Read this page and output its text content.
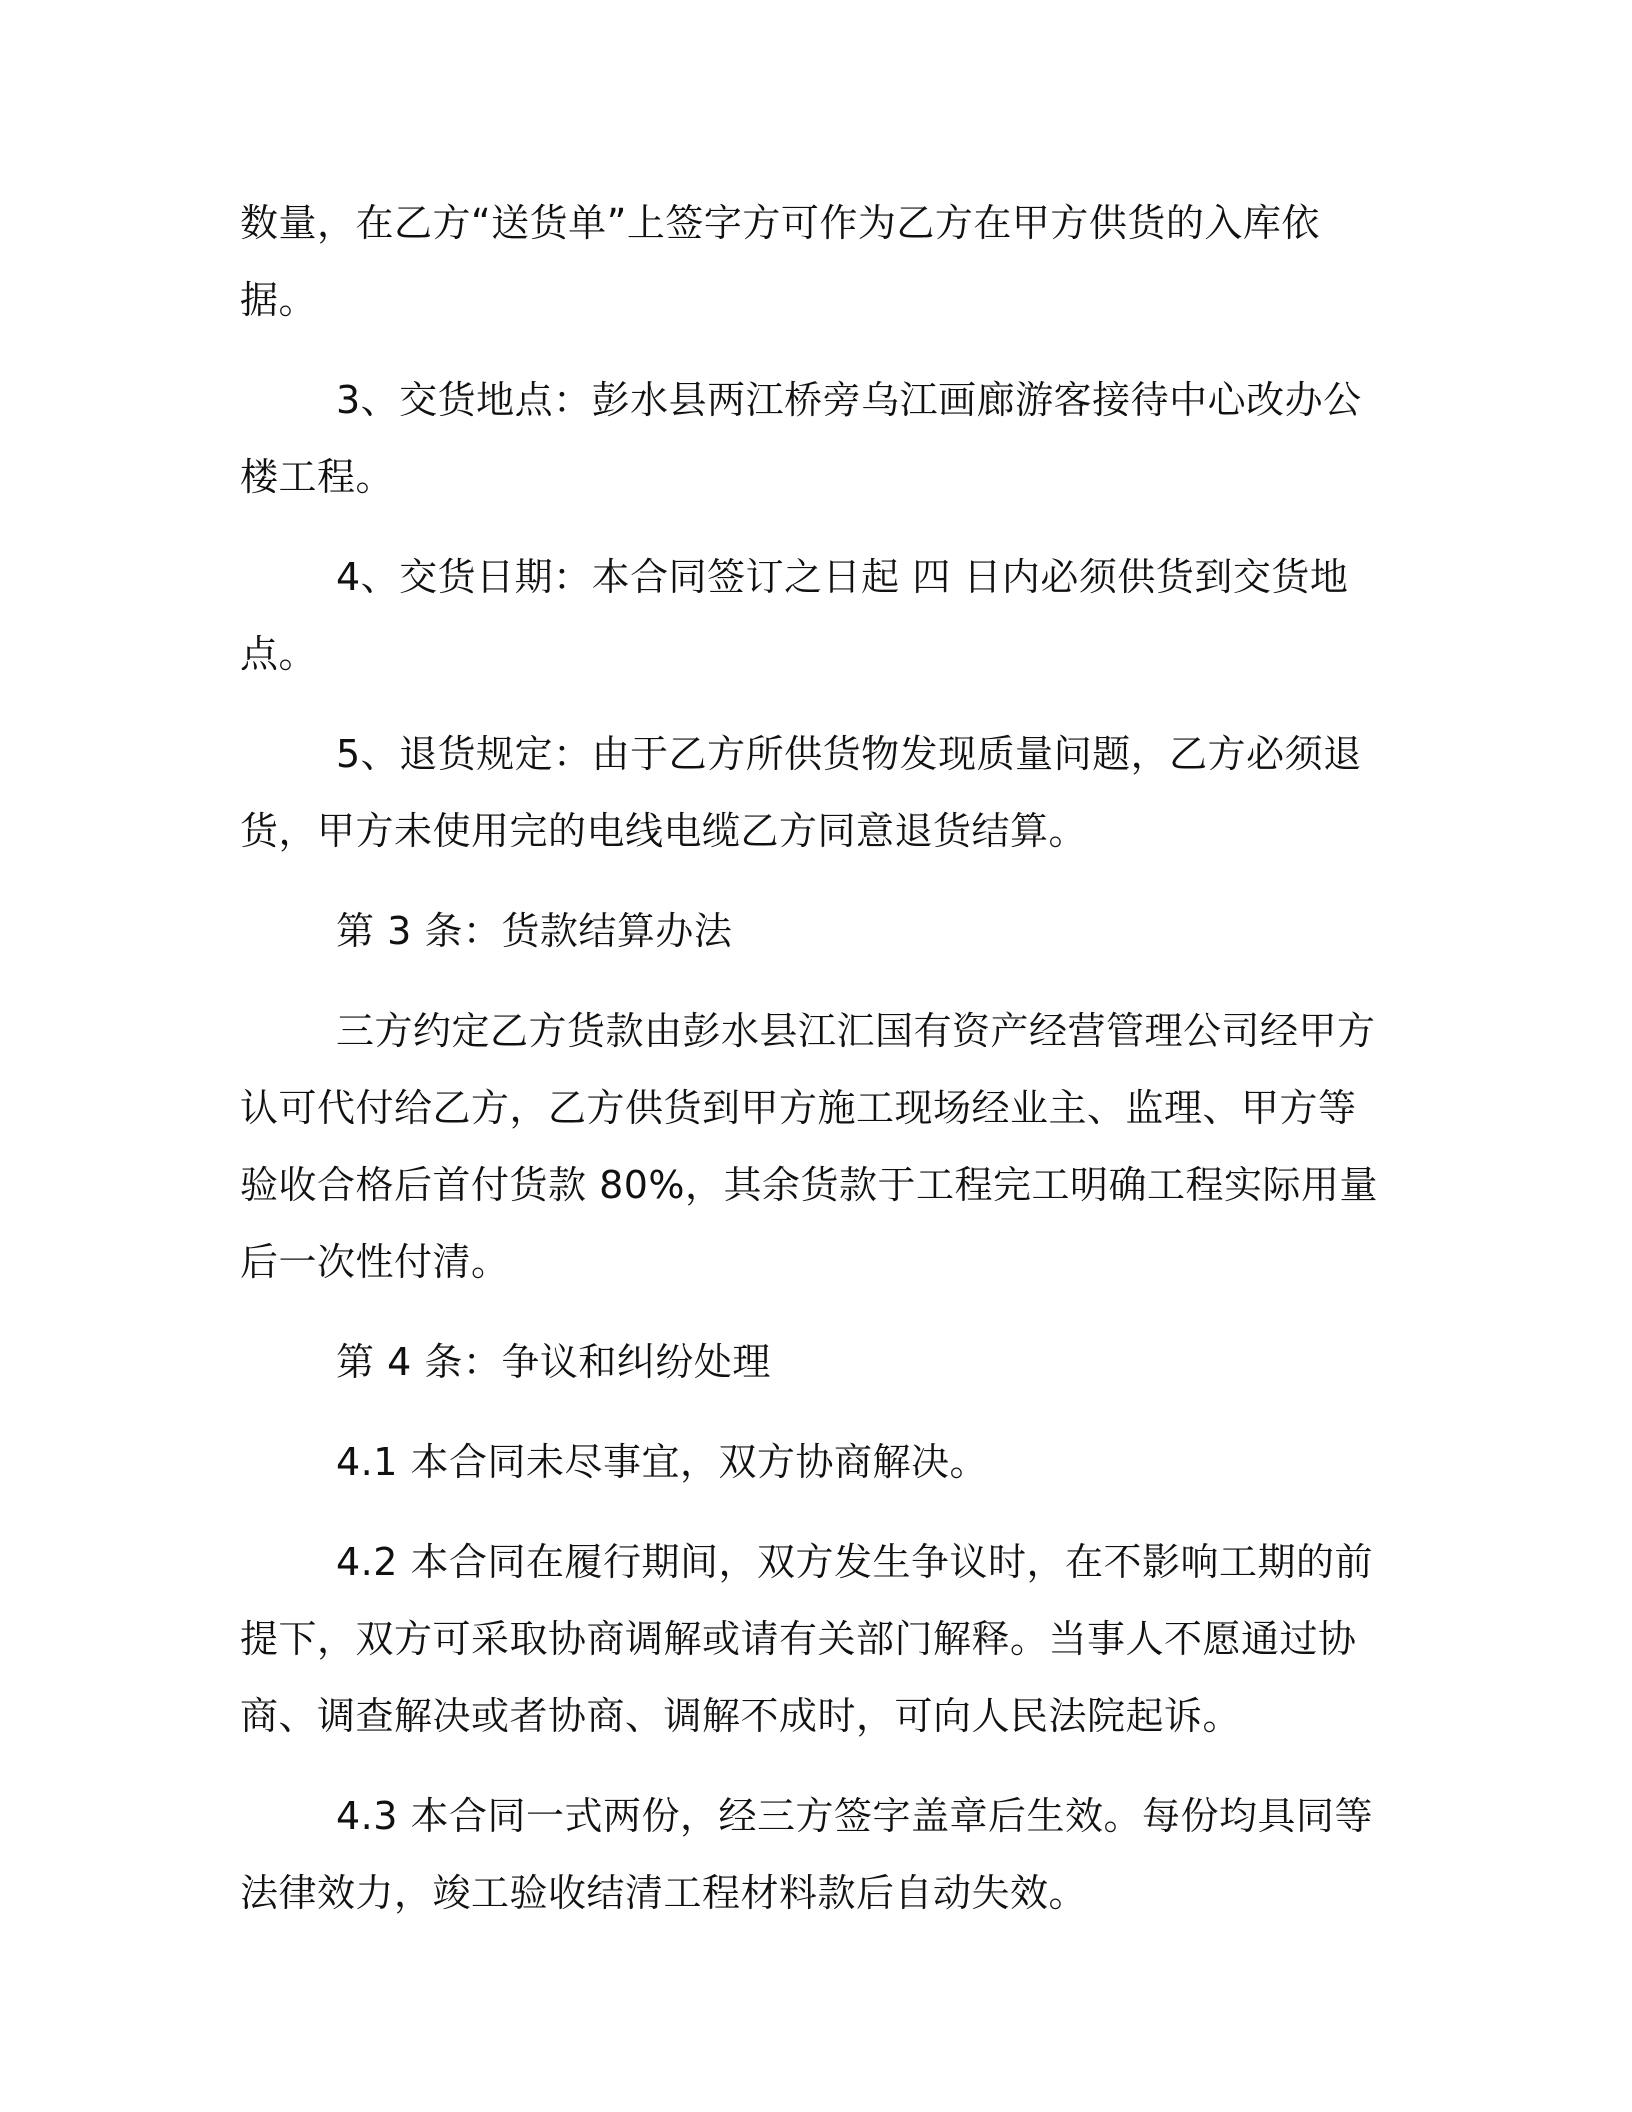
数量，在乙方“送货单”上签字方可作为乙方在甲方供货的入库依据。

3、交货地点：彭水县两江桥旁乌江画廊游客接待中心改办公楼工程。

4、交货日期：本合同签订之日起 四 日内必须供货到交货地点。

5、退货规定：由于乙方所供货物发现质量问题，乙方必须退货，甲方未使用完的电线电缆乙方同意退货结算。

第 3 条：货款结算办法

三方约定乙方货款由彭水县江汇国有资产经营管理公司经甲方认可代付给乙方，乙方供货到甲方施工现场经业主、监理、甲方等验收合格后首付货款 80%，其余货款于工程完工明确工程实际用量后一次性付清。

第 4 条：争议和纠纷处理

4.1 本合同未尽事宜，双方协商解决。

4.2 本合同在履行期间，双方发生争议时，在不影响工期的前提下，双方可采取协商调解或请有关部门解释。当事人不愿通过协商、调查解决或者协商、调解不成时，可向人民法院起诉。

4.3 本合同一式两份，经三方签字盖章后生效。每份均具同等法律效力，竣工验收结清工程材料款后自动失效。
